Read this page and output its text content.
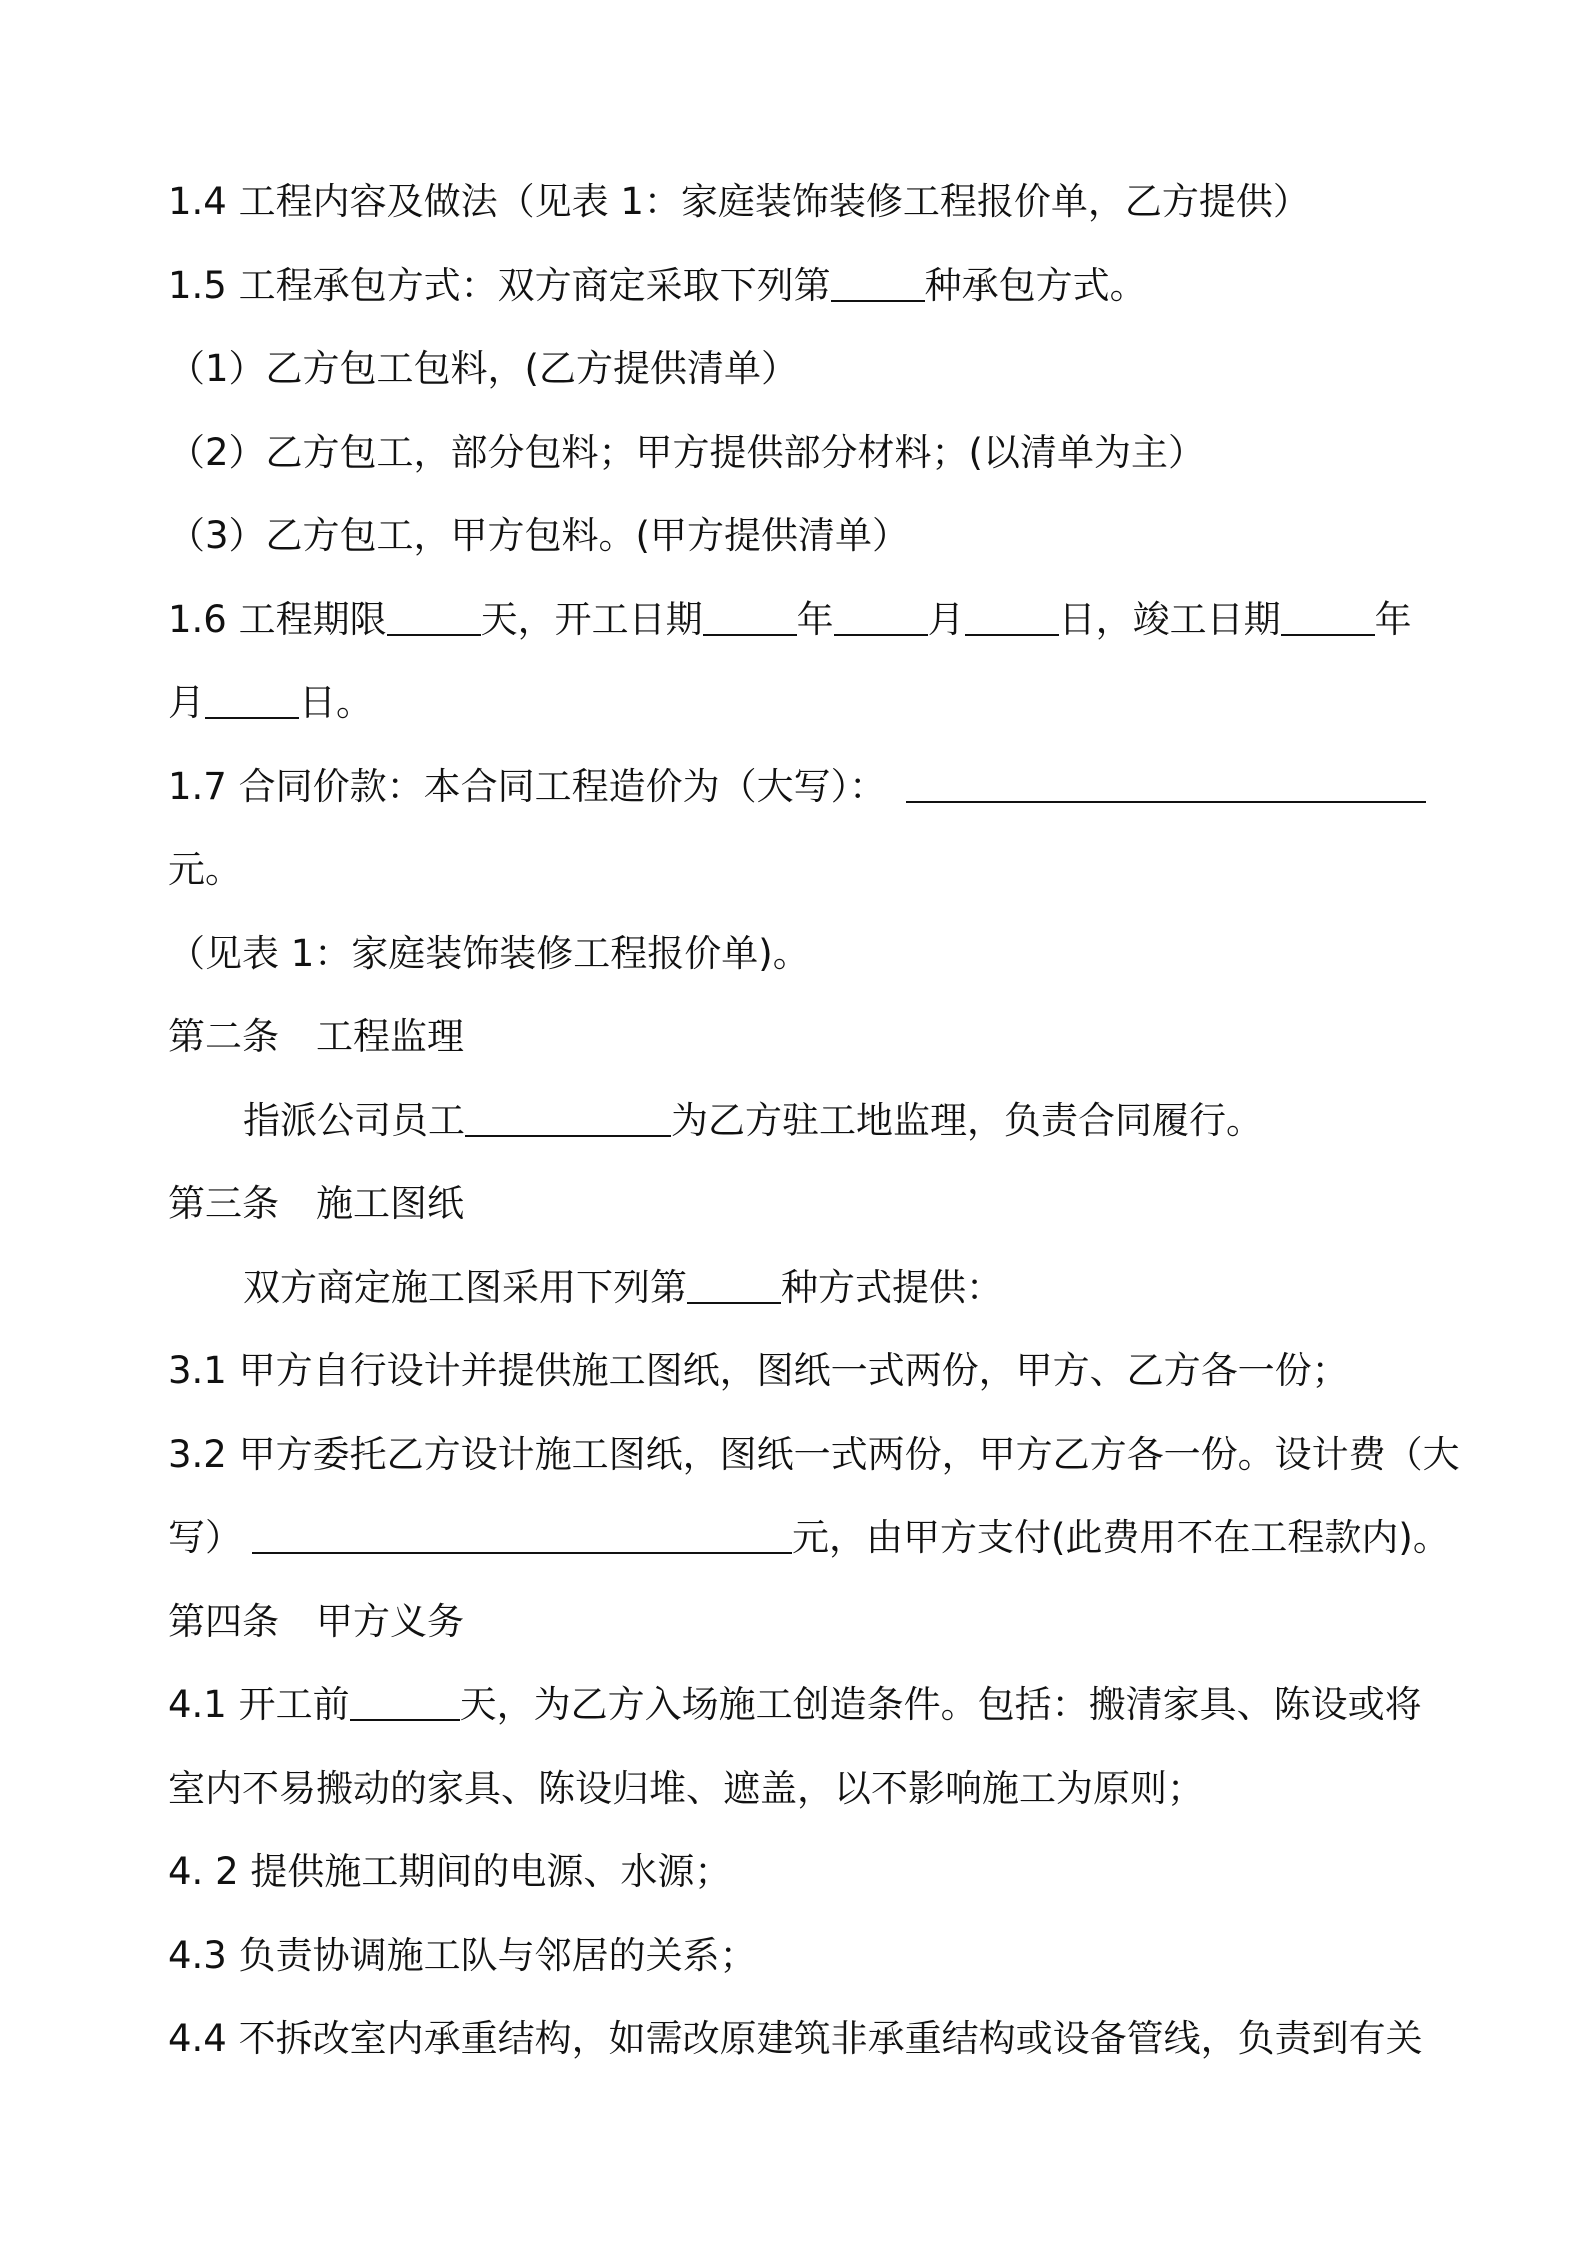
1.4 工程内容及做法（见表 1：家庭装饰装修工程报价单，乙方提供）
1.5 工程承包方式：双方商定采取下列第	种承包方式。
（1）乙方包工包料，(乙方提供清单）
（2）乙方包工，部分包料；甲方提供部分材料；(以清单为主）
（3）乙方包工，甲方包料。(甲方提供清单）
1.6 工程期限	天，开工日期	年	月	日，竣工日期	年
月	日。
1.7 合同价款：本合同工程造价为（大写）：
元。
（见表 1：家庭装饰装修工程报价单)。
第二条　工程监理
指派公司员工	为乙方驻工地监理，负责合同履行。
第三条　施工图纸
双方商定施工图采用下列第	种方式提供：
3.1 甲方自行设计并提供施工图纸，图纸一式两份，甲方、乙方各一份；
3.2 甲方委托乙方设计施工图纸，图纸一式两份，甲方乙方各一份。设计费（大
写）	元，由甲方支付(此费用不在工程款内)。
第四条　甲方义务
4.1 开工前	天，为乙方入场施工创造条件。包括：搬清家具、陈设或将
室内不易搬动的家具、陈设归堆、遮盖，以不影响施工为原则；
4. 2 提供施工期间的电源、水源；
4.3 负责协调施工队与邻居的关系；
4.4 不拆改室内承重结构，如需改原建筑非承重结构或设备管线，负责到有关
